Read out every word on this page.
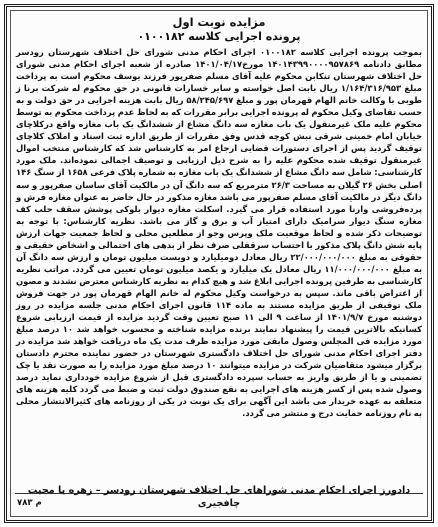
مزایده نوبت اول

پرونده اجرایی کلاسه ۰۱۰۰۱۸۲

بموجب پرونده اجرایی کلاسه ۰۱۰۰۱۸۲ اجرای احکام مدنی شورای حل اختلاف شهرستان رودسر مطابق دادنامه ۱۴۰۱۴۳۹۹۰۰۰۰۹۵۷۸۶۹ مورخ۱۴۰۱/۰۴/۱۷ صادره از شعبه اجرای احکام مدنی شورای حل اختلاف شهرستان تنکابن محکوم علیه آقای مسلم صفرپور فرزند یوسف محکوم است به پرداخت مبلغ ۱/۱۶۴/۳۱۶/۹۵۳ ریال بابت اصل خواسته و سایر خسارات قانونی در حق محکوم له شرکت برنا ز طوبی با وکالت خانم الهام قهرمان پور و مبلغ ۵۸/۲۴۵/۶۹۷ ریال بابت هزینه اجرایی در حق دولت و به حسب تقاضای وکیل محکوم له پرونده اجرایی برابر مقررات که به لحاظ عدم پرداخت محکوم به توسط محکوم علیه ملک غیرمنقول یک باب مغازه سه دانگ مشاع از ششدانگ یک باب مغازه واقع درکلاچای خیابان امام خمینی شرقی نبش کوچه قدس وفق مقررات از طریق اداره ثبت اسناد و املاک کلاچای توقیف گردید پس از اجرای دستورات قضایی ارجاع امر به کارشناس شد که کارشناس منتخب اموال غیرمنقول توقیف شده محکوم علیه را به شرح ذیل ارزیابی و توصیف اجمالی نموده‌اند. ملک مورد کارشناسی: شامل سه دانگ مشاع از ششدانگ یک باب مغازه به شماره پلاک فرعی ۱۶۵۸ از سنگ ۱۴۶ اصلی بخش ۲۶ گیلان به مساحت ۲۶/۳ مترمربع که سه دانگ آن در مالکیت آقای ساسان صفرپور و سه دانگ دیگر در مالکیت آقای مسلم صفرپور می باشد مغازه مذکور در حال حاضر به عنوان مغازه فرش و پرده‌فروشی وارنا مورد استفاده قرار می گیرد. اسکلت مغازه دیوار بلوکی پوشش سقف حلب کف مغازه سنگ دیوار سرامیک دارای امتیاز آب و برق و گاز می باشد. نظریه کارشناس: با توجه به توضیحات ذکر شده و لحاظ موقعیت ملک وپرس وجو از مطلعین محلی و لحاظ جمعیت جهات ارزش پایه شش دانگ پلاک مذکور با احتساب سرقفلی صرف نظر از بدهی های احتمالی و اشخاص حقیقی و حقوقی به مبلغ ۲۲/۰۰۰/۰۰۰/۰۰۰ ریال معادل دومیلیارد و دویست میلیون تومان و ارزش سه دانگ آن به مبلغ ۱۱/۰۰۰/۰۰۰/۰۰۰ ریال معادل یک میلیارد و یکصد میلیون تومان تعیین می گردد. مراتب نظریه کارشناسی به طرفین پرونده اجرایی ابلاغ شد و هیچ کدام به نظریه کارشناس معترض نشدند و مصون از اعتراض باقی ماند. سپس به درخواست وکیل محکوم له خانم الهام قهرمان پور در جهت فروش ملک توقیفی از طریق مزایده مستند به ماده ۱۱۴ قانون اجرای احکام مدنی جلسه مزایده در روز دوشنبه مورخ ۱۴۰۱/۹/۷ از ساعت ۹ الی ۱۱ صبح تعیین وقت گردید مزایده از قیمت ارزیابی شروع کسانیکه بالاترین قیمت را پیشنهاد نمایند برنده مزایده شناخته و محسوب خواهد شد ۱۰ درصد مبلغ مورد مزایده فی المجلس وصول مابقی مورد مزایده ظرف مدت یک ماه دریافت خواهد شد مزایده در دفتر اجرای احکام مدنی شورای حل اختلاف دادگستری شهرستان در حضور نماینده محترم دادستان برگزار میشود متقاضیان شرکت در مزایده میتوانند ۱۰ درصد مبلغ مورد مزایده را به صورت نقد یا چک تضمینی و یا از طریق واریز به حساب سپرده دادگستری قبل از شروع مزایده خودداری نماید درصد وصول شده پس از کسر هزینه های اجرایی به نفع صندوق دولت ثبت و ضبط می گردد کلیه هزینه های متعلقه به عهده خریدار می باشد این آگهی برای یک نوبت در یکی از روزنامه های کثیرالانتشار محلی به نام روزنامه حمایت درج و منتشر می گردد.

دادورز اجرای احکام مدنی شوراهای حل اختلاف شهرستان رودسر – زهره یا محبت چافجیری
م ۷۸۳
